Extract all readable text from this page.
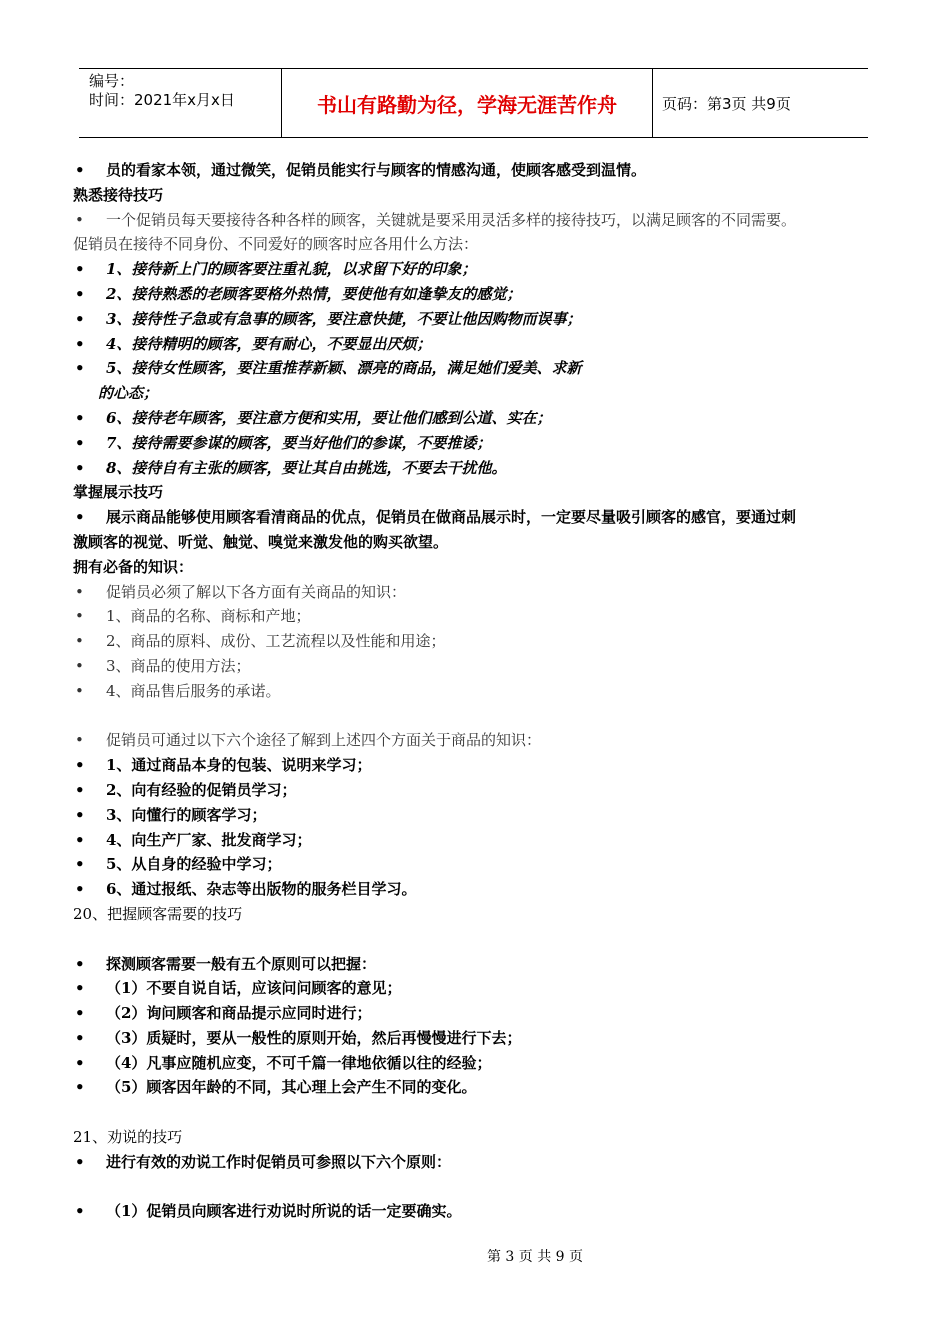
编号：
时间：2021年x月x日	书山有路勤为径，学海无涯苦作舟	页码：第3页 共9页
• 员的看家本领，通过微笑，促销员能实行与顾客的情感沟通，使顾客感受到温情。
熟悉接待技巧
• 一个促销员每天要接待各种各样的顾客，关键就是要采用灵活多样的接待技巧，以满足顾客的不同需要。
促销员在接待不同身份、不同爱好的顾客时应各用什么方法：
• 1、接待新上门的顾客要注重礼貌，以求留下好的印象；
• 2、接待熟悉的老顾客要格外热情，要使他有如逢挚友的感觉；
• 3、接待性子急或有急事的顾客，要注意快捷，不要让他因购物而误事；
• 4、接待精明的顾客，要有耐心，不要显出厌烦；
• 5、接待女性顾客，要注重推荐新颖、漂亮的商品，满足她们爱美、求新
的心态；
• 6、接待老年顾客，要注意方便和实用，要让他们感到公道、实在；
• 7、接待需要参谋的顾客，要当好他们的参谋，不要推诿；
• 8、接待自有主张的顾客，要让其自由挑选，不要去干扰他。
掌握展示技巧
• 展示商品能够使用顾客看清商品的优点，促销员在做商品展示时，一定要尽量吸引顾客的感官，要通过刺
激顾客的视觉、听觉、触觉、嗅觉来激发他的购买欲望。
拥有必备的知识：
• 促销员必须了解以下各方面有关商品的知识：
• 1、商品的名称、商标和产地；
• 2、商品的原料、成份、工艺流程以及性能和用途；
• 3、商品的使用方法；
• 4、商品售后服务的承诺。
• 促销员可通过以下六个途径了解到上述四个方面关于商品的知识：
• 1、通过商品本身的包装、说明来学习；
• 2、向有经验的促销员学习；
• 3、向懂行的顾客学习；
• 4、向生产厂家、批发商学习；
• 5、从自身的经验中学习；
• 6、通过报纸、杂志等出版物的服务栏目学习。
20、把握顾客需要的技巧
• 探测顾客需要一般有五个原则可以把握：
• （1）不要自说自话，应该问问顾客的意见；
• （2）询问顾客和商品提示应同时进行；
• （3）质疑时，要从一般性的原则开始，然后再慢慢进行下去；
• （4）凡事应随机应变，不可千篇一律地依循以往的经验；
• （5）顾客因年龄的不同，其心理上会产生不同的变化。
21、劝说的技巧
• 进行有效的劝说工作时促销员可参照以下六个原则：
• （1）促销员向顾客进行劝说时所说的话一定要确实。
第 3 页 共 9 页
